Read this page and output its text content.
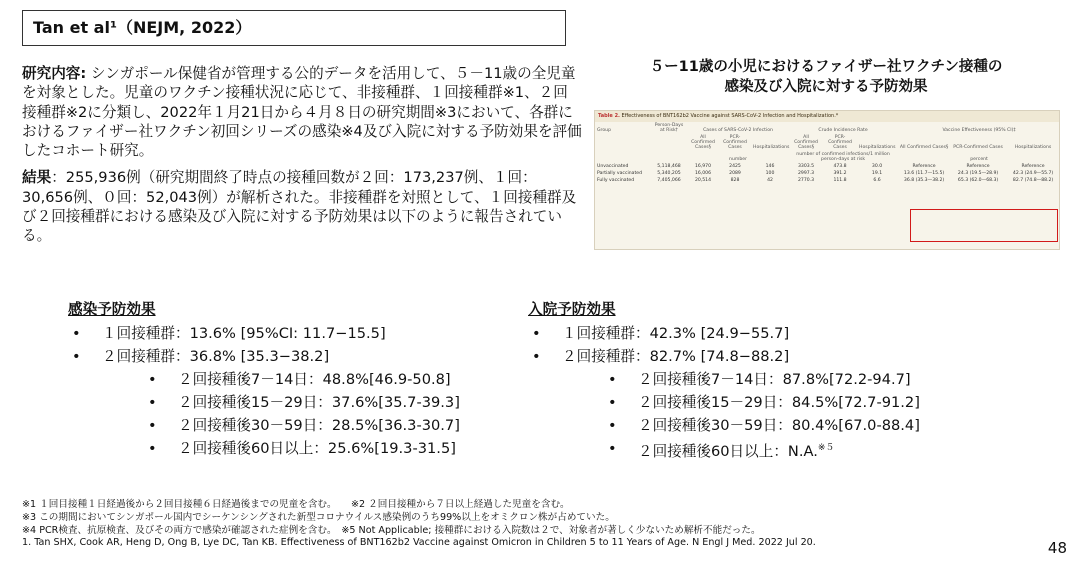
Tan et al¹（NEJM, 2022）

研究内容: シンガポール保健省が管理する公的データを活用して、５－11歳の全児童を対象とした。児童のワクチン接種状況に応じて、非接種群、１回接種群※1、２回接種群※2に分類し、2022年１月21日から４月８日の研究期間※3において、各群におけるファイザー社ワクチン初回シリーズの感染※4及び入院に対する予防効果を評価したコホート研究。

結果：255,936例（研究期間終了時点の接種回数が２回：173,237例、１回：30,656例、０回：52,043例）が解析された。非接種群を対照として、１回接種群及び２回接種群における感染及び入院に対する予防効果は以下のように報告されている。

５ー11歳の小児におけるファイザー社ワクチン接種の
感染及び入院に対する予防効果
Table 2. Effectiveness of BNT162b2 Vaccine against SARS-CoV-2 Infection and Hospitalization.*
Group	Person-Days at Risk†	Cases of SARS-CoV-2 Infection			Crude Incidence Rate			Vaccine Effectiveness (95% CI)‡		
		All Confirmed Cases§	PCR-Confirmed Cases	Hospitalizations	All Confirmed Cases§	PCR-Confirmed Cases	Hospitalizations	All Confirmed Cases§	PCR-Confirmed Cases	Hospitalizations
		number			number of confirmed infections/1 million person-days at risk			percent		
Unvaccinated	5,118,468	16,970	2425	146	3303.5	473.8	30.0	Reference	Reference	Reference
Partially vaccinated	5,340,205	16,006	2089	100	2997.3	391.2	19.1	13.6 (11.7—15.5)	24.3 (19.5—28.9)	42.3 (24.9—55.7)
Fully vaccinated	7,405,066	20,514	828	42	2770.3	111.8	6.6	36.8 (35.3—38.2)	65.3 (62.0—68.3)	82.7 (74.8—88.2)
感染予防効果
• １回接種群：13.6% [95%CI: 11.7−15.5]
• ２回接種群：36.8% [35.3−38.2]
• ２回接種後7－14日：48.8%[46.9-50.8]
• ２回接種後15－29日：37.6%[35.7-39.3]
• ２回接種後30－59日：28.5%[36.3-30.7]
• ２回接種後60日以上：25.6%[19.3-31.5]
入院予防効果
• １回接種群：42.3% [24.9−55.7]
• ２回接種群：82.7% [74.8−88.2]
• ２回接種後7－14日：87.8%[72.2-94.7]
• ２回接種後15－29日：84.5%[72.7-91.2]
• ２回接種後30－59日：80.4%[67.0-88.4]
• ２回接種後60日以上：N.A.$^{※5}$
※1 １回目接種１日経過後から２回目接種６日経過後までの児童を含む。　　※2 ２回目接種から７日以上経過した児童を含む。
※3 この期間においてシンガポール国内でシーケンシングされた新型コロナウイルス感染例のうち99%以上をオミクロン株が占めていた。
※4 PCR検査、抗原検査、及びその両方で感染が確認された症例を含む。　※5 Not Applicable; 接種群における入院数は２で、対象者が著しく少ないため解析不能だった。
1. Tan SHX, Cook AR, Heng D, Ong B, Lye DC, Tan KB. Effectiveness of BNT162b2 Vaccine against Omicron in Children 5 to 11 Years of Age. N Engl J Med. 2022 Jul 20.	48
